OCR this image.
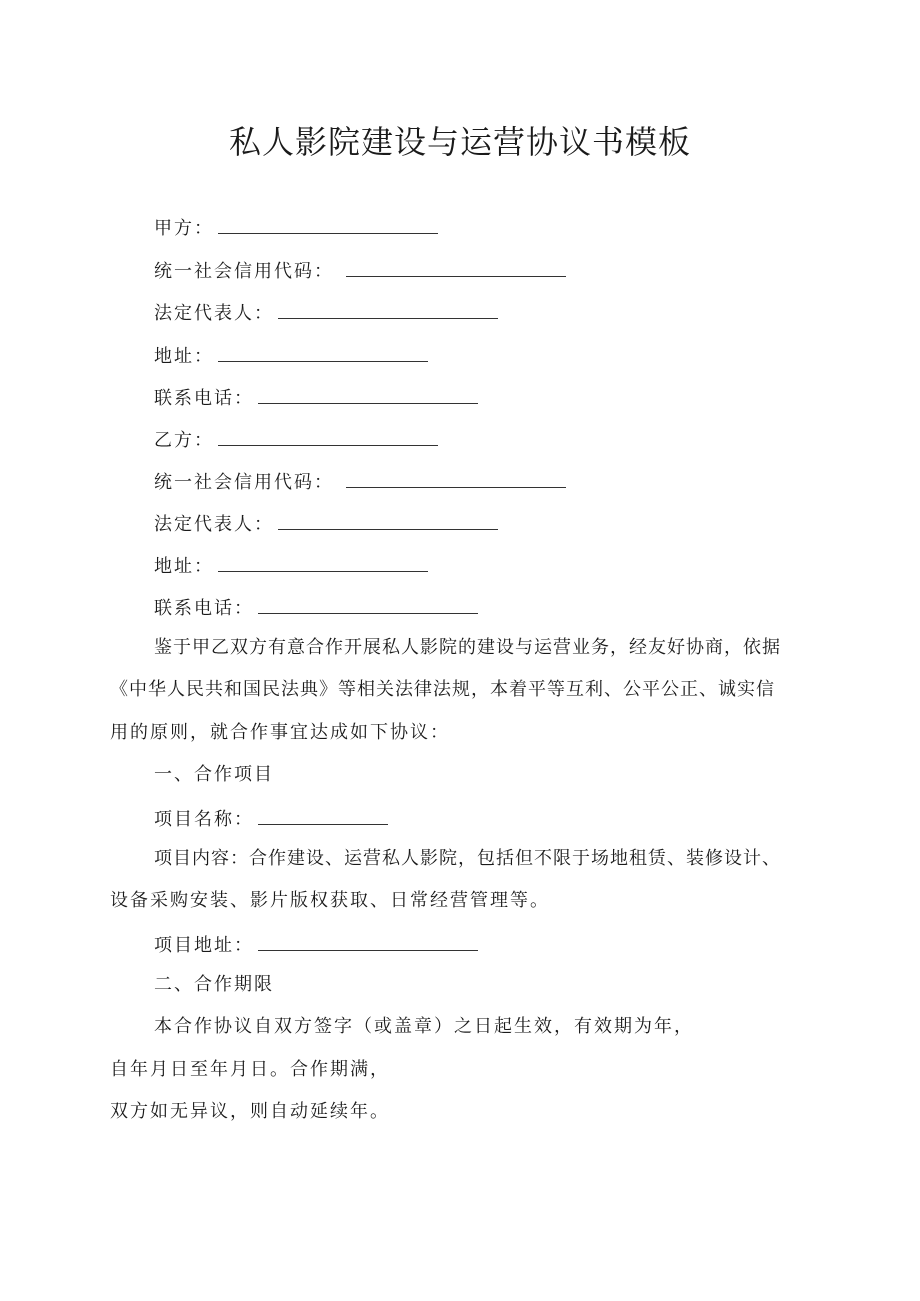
私人影院建设与运营协议书模板
甲方：
统一社会信用代码：
法定代表人：
地址：
联系电话：
乙方：
统一社会信用代码：
法定代表人：
地址：
联系电话：
鉴于甲乙双方有意合作开展私人影院的建设与运营业务，经友好协商，依据
《中华人民共和国民法典》等相关法律法规，本着平等互利、公平公正、诚实信
用的原则，就合作事宜达成如下协议：
一、合作项目
项目名称：
项目内容：合作建设、运营私人影院，包括但不限于场地租赁、装修设计、
设备采购安装、影片版权获取、日常经营管理等。
项目地址：
二、合作期限
本合作协议自双方签字（或盖章）之日起生效，有效期为年，
自年月日至年月日。合作期满，
双方如无异议，则自动延续年。
